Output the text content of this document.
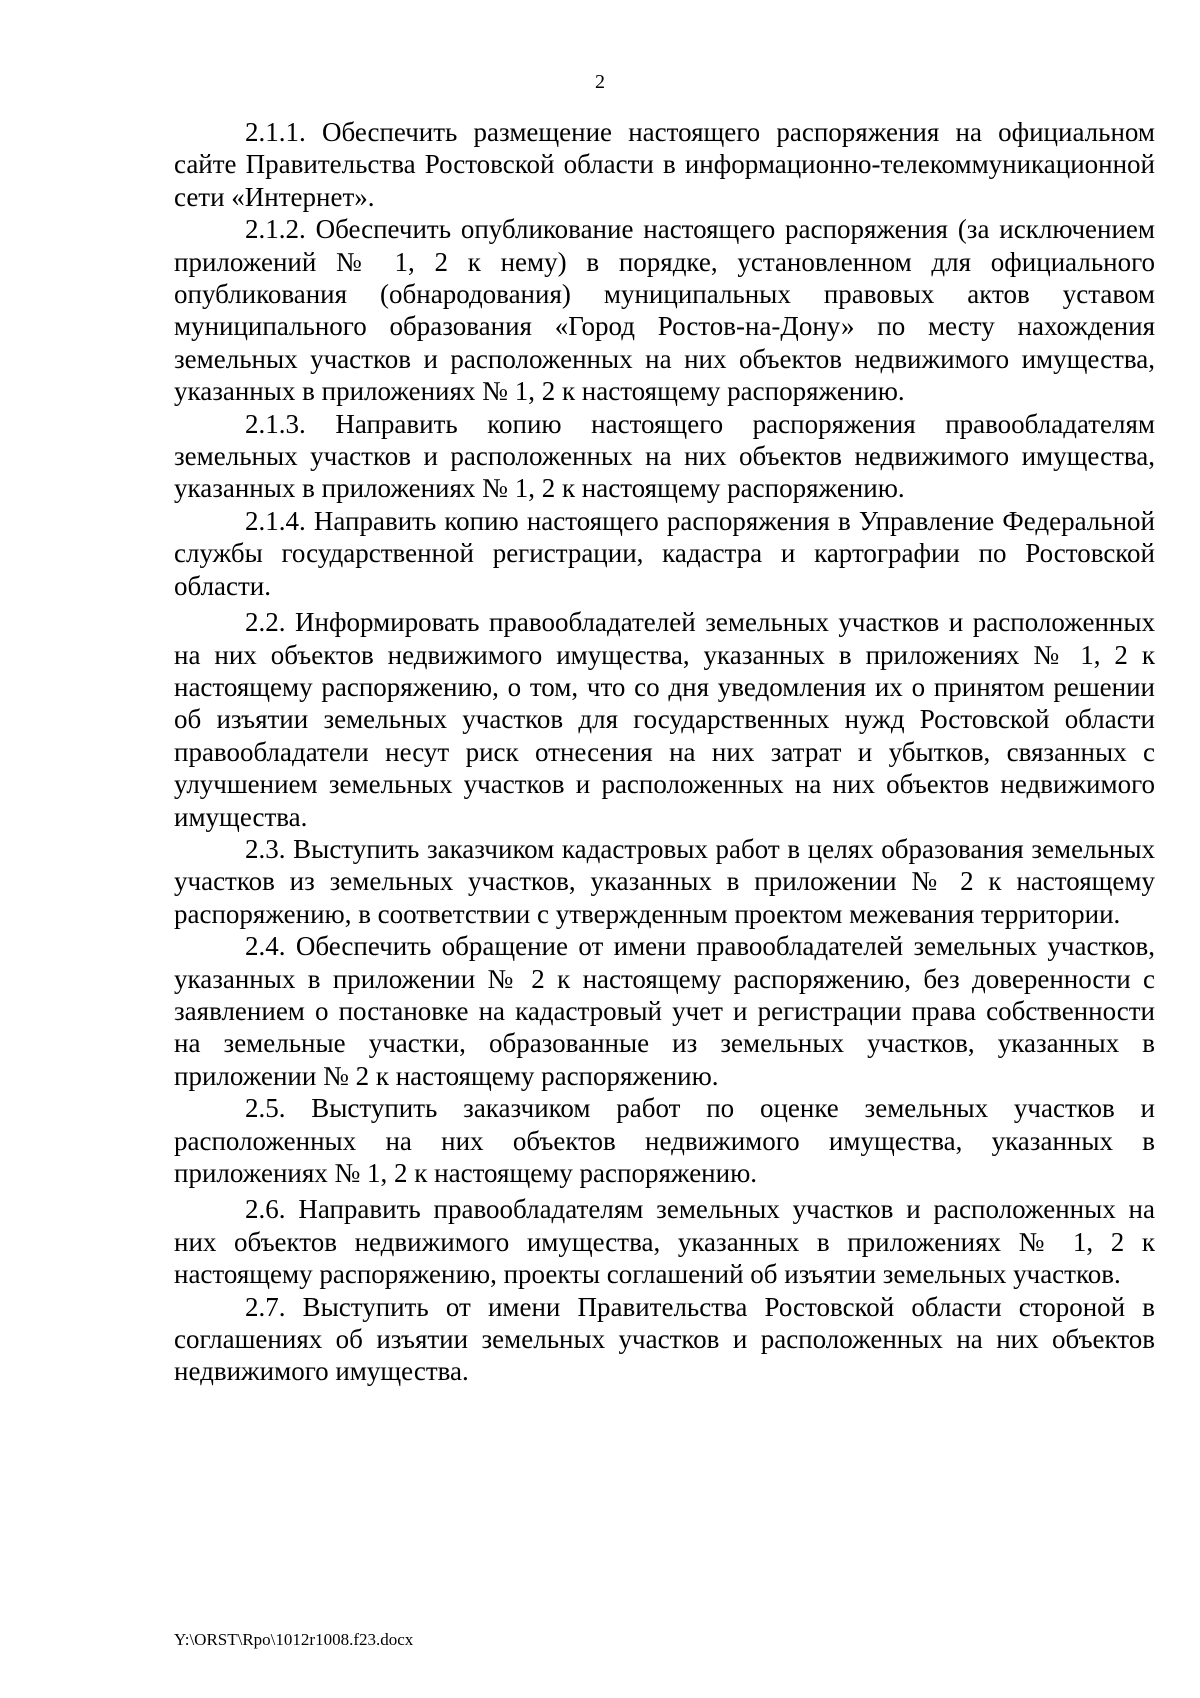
2

2.1.1. Обеспечить размещение настоящего распоряжения на официальном сайте Правительства Ростовской области в информационно-телекоммуникационной сети «Интернет».

2.1.2. Обеспечить опубликование настоящего распоряжения (за исключением приложений № 1, 2 к нему) в порядке, установленном для официального опубликования (обнародования) муниципальных правовых актов уставом муниципального образования «Город Ростов-на-Дону» по месту нахождения земельных участков и расположенных на них объектов недвижимого имущества, указанных в приложениях № 1, 2 к настоящему распоряжению.

2.1.3. Направить копию настоящего распоряжения правообладателям земельных участков и расположенных на них объектов недвижимого имущества, указанных в приложениях № 1, 2 к настоящему распоряжению.

2.1.4. Направить копию настоящего распоряжения в Управление Федеральной службы государственной регистрации, кадастра и картографии по Ростовской области.

2.2. Информировать правообладателей земельных участков и расположенных на них объектов недвижимого имущества, указанных в приложениях № 1, 2 к настоящему распоряжению, о том, что со дня уведомления их о принятом решении об изъятии земельных участков для государственных нужд Ростовской области правообладатели несут риск отнесения на них затрат и убытков, связанных с улучшением земельных участков и расположенных на них объектов недвижимого имущества.

2.3. Выступить заказчиком кадастровых работ в целях образования земельных участков из земельных участков, указанных в приложении № 2 к настоящему распоряжению, в соответствии с утвержденным проектом межевания территории.

2.4. Обеспечить обращение от имени правообладателей земельных участков, указанных в приложении № 2 к настоящему распоряжению, без доверенности с заявлением о постановке на кадастровый учет и регистрации права собственности на земельные участки, образованные из земельных участков, указанных в приложении № 2 к настоящему распоряжению.

2.5. Выступить заказчиком работ по оценке земельных участков и расположенных на них объектов недвижимого имущества, указанных в приложениях № 1, 2 к настоящему распоряжению.

2.6. Направить правообладателям земельных участков и расположенных на них объектов недвижимого имущества, указанных в приложениях № 1, 2 к настоящему распоряжению, проекты соглашений об изъятии земельных участков.

2.7. Выступить от имени Правительства Ростовской области стороной в соглашениях об изъятии земельных участков и расположенных на них объектов недвижимого имущества.

Y:\ORST\Rpo\1012r1008.f23.docx
